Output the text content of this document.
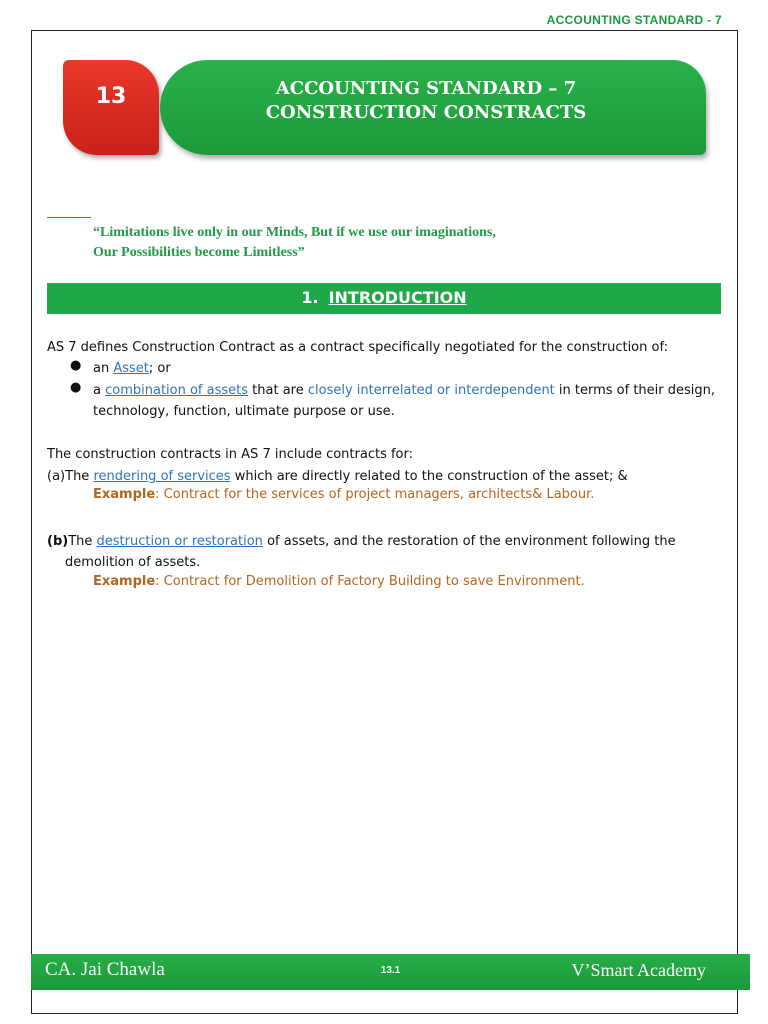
ACCOUNTING STANDARD - 7
13	ACCOUNTING STANDARD – 7
CONSTRUCTION CONSTRACTS
“Limitations live only in our Minds, But if we use our imaginations,
Our Possibilities become Limitless”
1. INTRODUCTION
AS 7 defines Construction Contract as a contract specifically negotiated for the construction of:
● an Asset; or
● a combination of assets that are closely interrelated or interdependent in terms of their design,
technology, function, ultimate purpose or use.
The construction contracts in AS 7 include contracts for:
(a)The rendering of services which are directly related to the construction of the asset; &
Example: Contract for the services of project managers, architects& Labour.
(b)The destruction or restoration of assets, and the restoration of the environment following the
demolition of assets.
Example: Contract for Demolition of Factory Building to save Environment.
CA. Jai Chawla	13.1	V’Smart Academy
